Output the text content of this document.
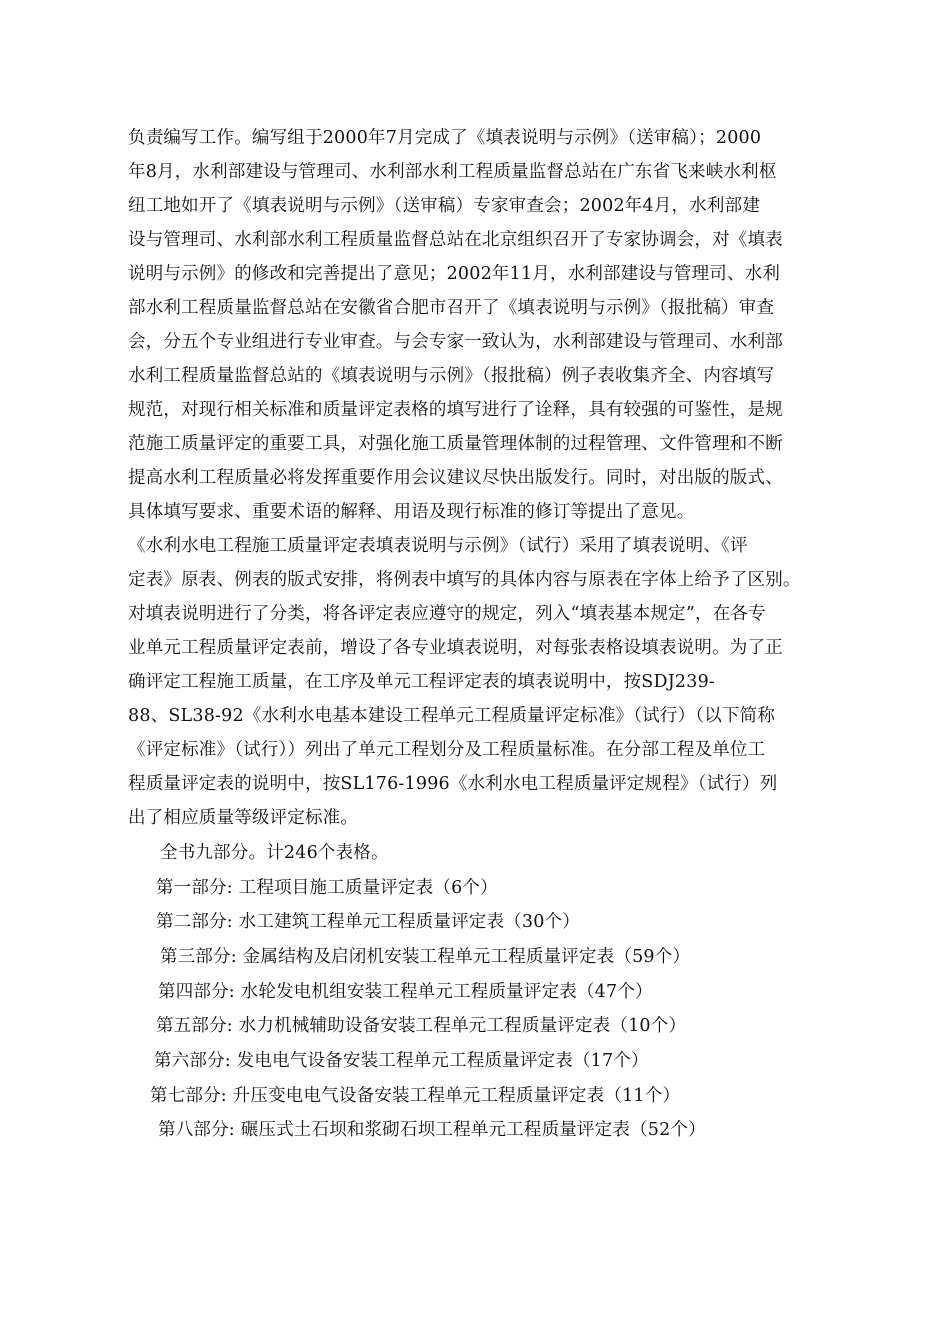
负责编写工作。编写组于2000年7月完成了《填表说明与示例》（送审稿）；2000
年8月，水利部建设与管理司、水利部水利工程质量监督总站在广东省飞来峡水利枢
纽工地如开了《填表说明与示例》（送审稿）专家审查会；2002年4月，水利部建
设与管理司、水利部水利工程质量监督总站在北京组织召开了专家协调会，对《填表
说明与示例》的修改和完善提出了意见；2002年11月，水利部建设与管理司、水利
部水利工程质量监督总站在安徽省合肥市召开了《填表说明与示例》（报批稿）审查
会，分五个专业组进行专业审查。与会专家一致认为，水利部建设与管理司、水利部
水利工程质量监督总站的《填表说明与示例》（报批稿）例子表收集齐全、内容填写
规范，对现行相关标准和质量评定表格的填写进行了诠释，具有较强的可鉴性，是规
范施工质量评定的重要工具，对强化施工质量管理体制的过程管理、文件管理和不断
提高水利工程质量必将发挥重要作用会议建议尽快出版发行。同时，对出版的版式、
具体填写要求、重要术语的解释、用语及现行标准的修订等提出了意见。
《水利水电工程施工质量评定表填表说明与示例》（试行）采用了填表说明、《评
定表》原表、例表的版式安排，将例表中填写的具体内容与原表在字体上给予了区别。
对填表说明进行了分类，将各评定表应遵守的规定，列入“填表基本规定”，在各专
业单元工程质量评定表前，增设了各专业填表说明，对每张表格设填表说明。为了正
确评定工程施工质量，在工序及单元工程评定表的填表说明中，按SDJ239-
88、SL38-92《水利水电基本建设工程单元工程质量评定标准》（试行）（以下简称
《评定标准》（试行））列出了单元工程划分及工程质量标准。在分部工程及单位工
程质量评定表的说明中，按SL176-1996《水利水电工程质量评定规程》（试行）列
出了相应质量等级评定标准。
全书九部分。计246个表格。
第一部分: 工程项目施工质量评定表（6个）
第二部分: 水工建筑工程单元工程质量评定表（30个）
第三部分: 金属结构及启闭机安装工程单元工程质量评定表（59个）
第四部分: 水轮发电机组安装工程单元工程质量评定表（47个）
第五部分: 水力机械辅助设备安装工程单元工程质量评定表（10个）
第六部分: 发电电气设备安装工程单元工程质量评定表（17个）
第七部分: 升压变电电气设备安装工程单元工程质量评定表（11个）
第八部分: 碾压式土石坝和浆砌石坝工程单元工程质量评定表（52个）
